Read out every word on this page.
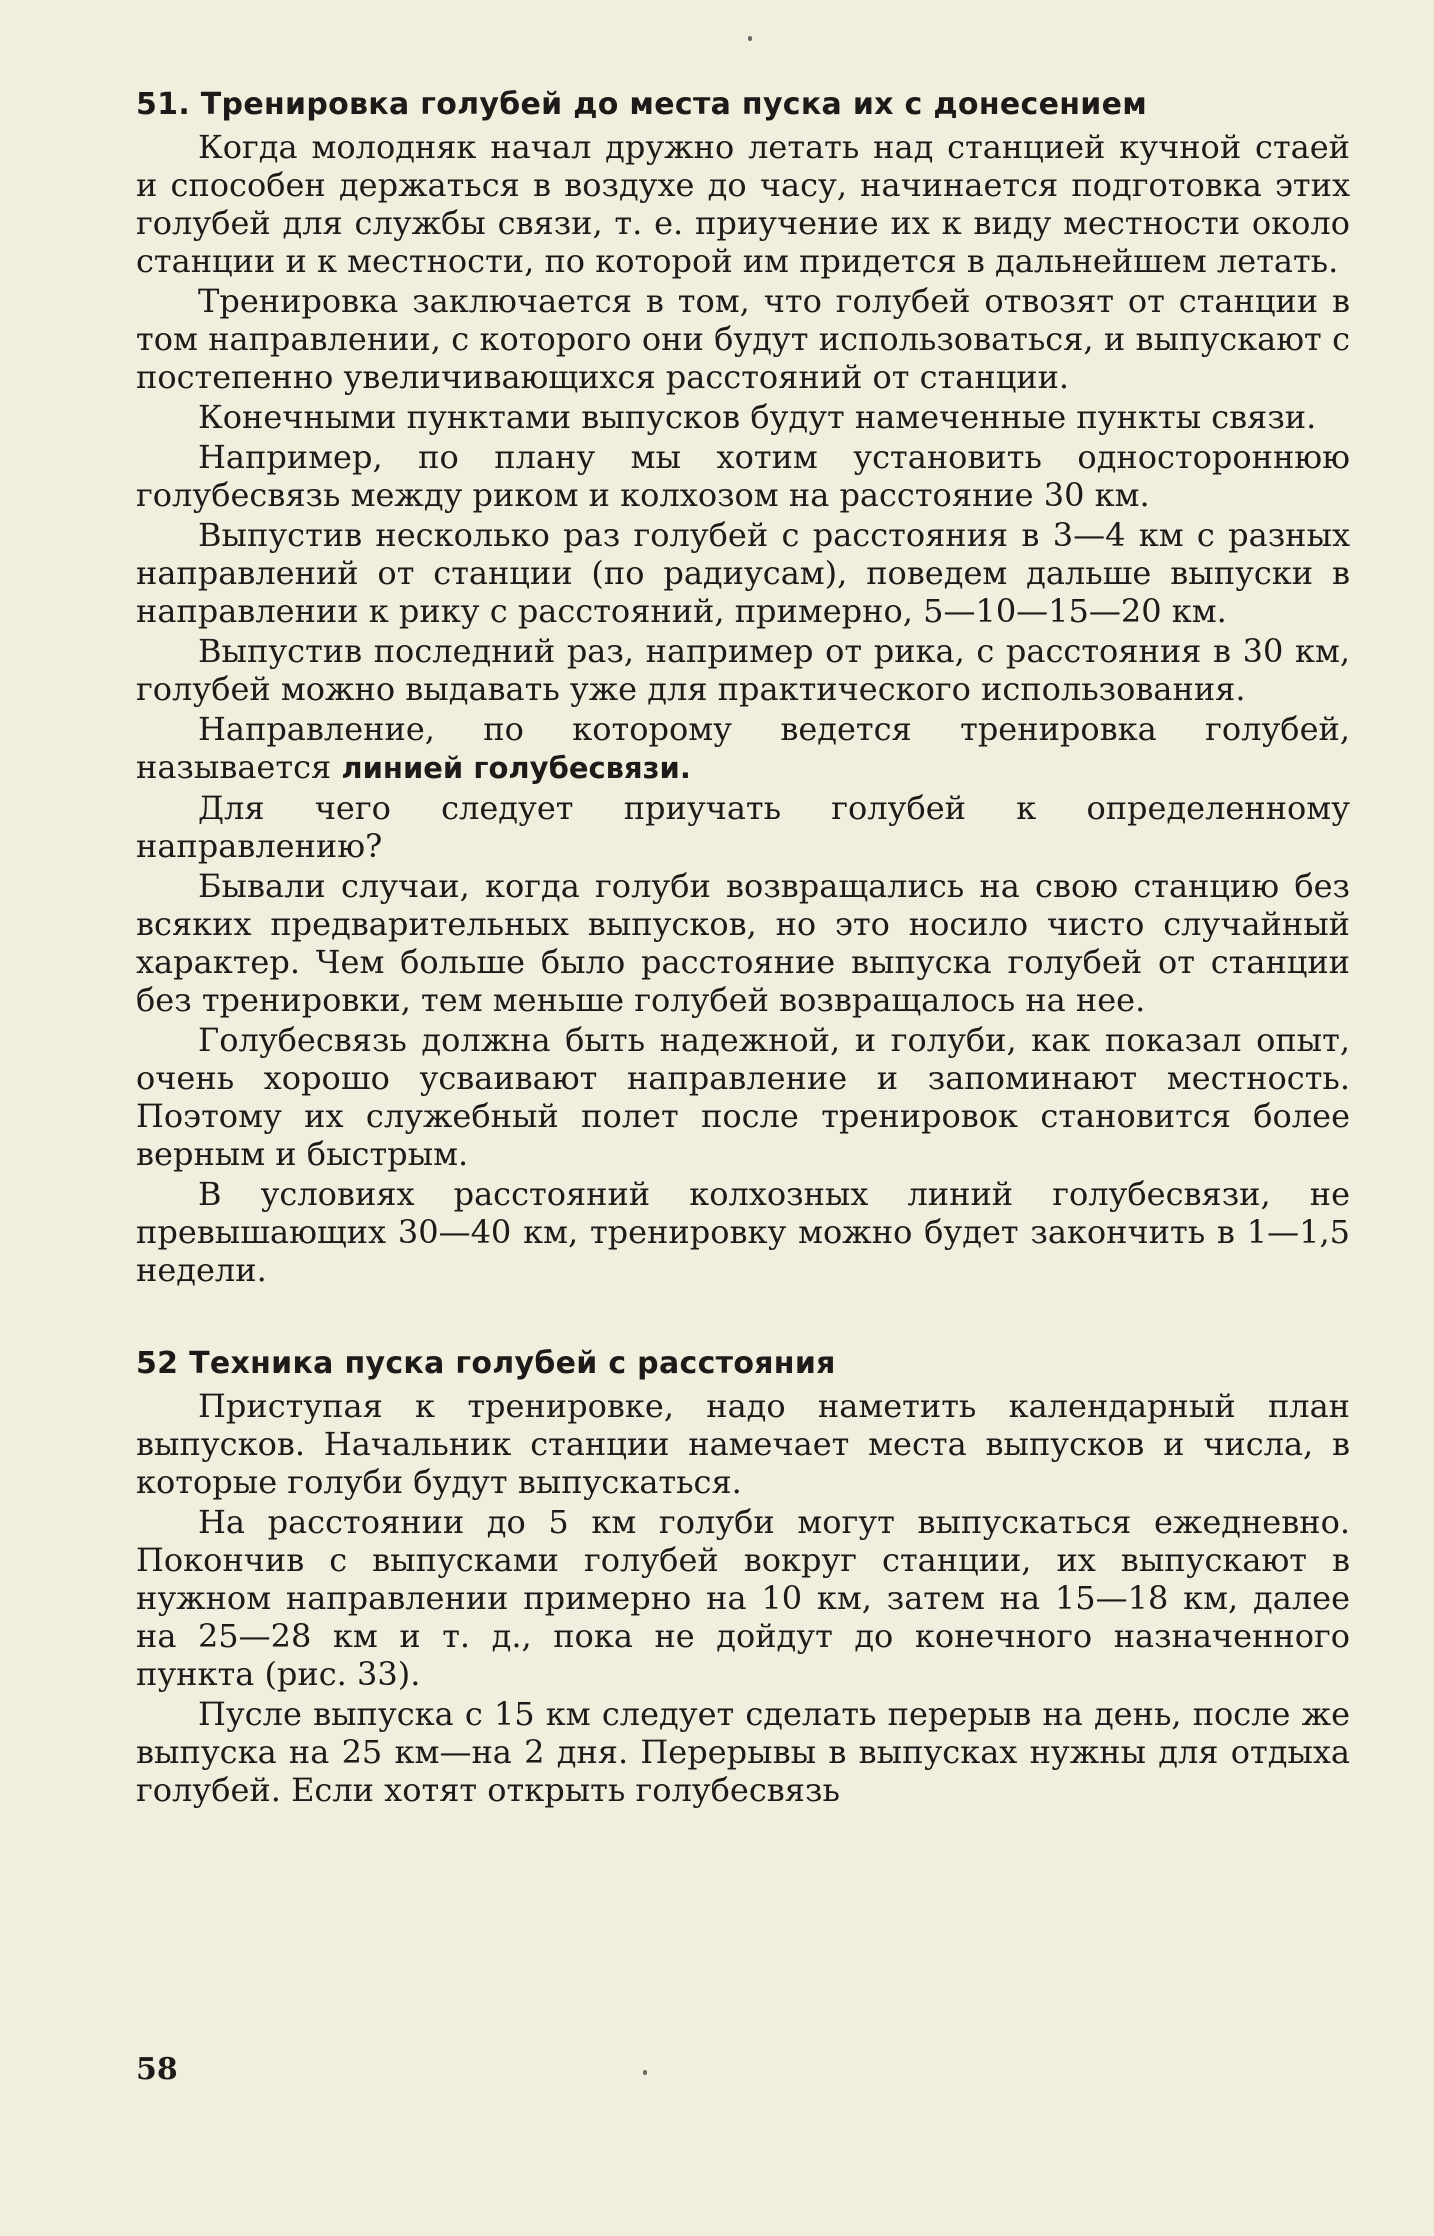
51. Тренировка голубей до места пуска их с донесением

Когда молодняк начал дружно летать над станцией кучной стаей и способен держаться в воздухе до часу, начинается подготовка этих голубей для службы связи, т. е. приучение их к виду местности около станции и к местности, по которой им придется в дальнейшем летать.

Тренировка заключается в том, что голубей отвозят от станции в том направлении, с которого они будут использоваться, и выпускают с постепенно увеличивающихся расстояний от станции.

Конечными пунктами выпусков будут намеченные пункты связи.

Например, по плану мы хотим установить одностороннюю голубесвязь между риком и колхозом на расстояние 30 км.

Выпустив несколько раз голубей с расстояния в 3—4 км с разных направлений от станции (по радиусам), поведем дальше выпуски в направлении к рику с расстояний, примерно, 5—10—15—20 км.

Выпустив последний раз, например от рика, с расстояния в 30 км, голубей можно выдавать уже для практического использования.

Направление, по которому ведется тренировка голубей, называется линией голубесвязи.

Для чего следует приучать голубей к определенному направлению?

Бывали случаи, когда голуби возвращались на свою станцию без всяких предварительных выпусков, но это носило чисто случайный характер. Чем больше было расстояние выпуска голубей от станции без тренировки, тем меньше голубей возвращалось на нее.

Голубесвязь должна быть надежной, и голуби, как показал опыт, очень хорошо усваивают направление и запоминают местность. Поэтому их служебный полет после тренировок становится более верным и быстрым.

В условиях расстояний колхозных линий голубесвязи, не превышающих 30—40 км, тренировку можно будет закончить в 1—1,5 недели.

52 Техника пуска голубей с расстояния

Приступая к тренировке, надо наметить календарный план выпусков. Начальник станции намечает места выпусков и числа, в которые голуби будут выпускаться.

На расстоянии до 5 км голуби могут выпускаться ежедневно. Покончив с выпусками голубей вокруг станции, их выпускают в нужном направлении примерно на 10 км, затем на 15—18 км, далее на 25—28 км и т. д., пока не дойдут до конечного назначенного пункта (рис. 33).

Пусле выпуска с 15 км следует сделать перерыв на день, после же выпуска на 25 км—на 2 дня. Перерывы в выпусках нужны для отдыха голубей. Если хотят открыть голубесвязь

58
